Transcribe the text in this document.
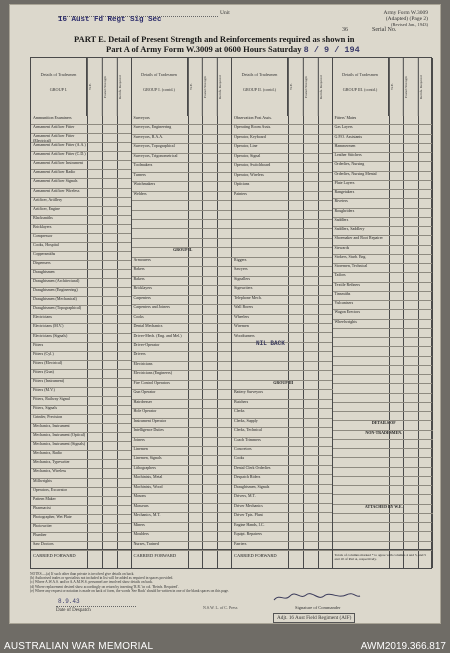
Unit
16 Aust Fd Regt Sig Sec
Army Form W.3009
(Adapted) (Page 2)
(Revised Jan., 1943)
36	Serial No.
PART E. Detail of Present Strength and Reinforcements required as shown in
Part A of Army Form W.3009 at 0600 Hours Saturday 8 / 9 / 194
Details of Tradesmen
GROUP I.	W.E.	Posted Strength	Reinfs. Required
Ammunition Examiners
Armament Artificer Fitter
Armament Artificer Fitter (Electrical)
Armament Artificer Fitter (A.A.)
Armament Artificer Fitter (C.D.)
Armament Artificer Instrument
Armament Artificer Radio
Armament Artificer Signals
Armament Artificer Wireless
Artificer, Artillery
Artificer, Engine
Blacksmiths
Bricklayers
Compressor
Cooks, Hospital
Coppersmiths
Dispensers
Draughtsmen
Draughtsmen (Architectural)
Draughtsmen (Engineering)
Draughtsmen (Mechanical)
Draughtsmen (Topographical)
Electricians
Electricians (M.V.)
Electricians (Signals)
Fitters
Fitters (Cyl.)
Fitters (Electrical)
Fitters (Gun)
Fitters (Instrument)
Fitters (M.V.)
Fitters, Railway Signal
Fitters, Signals
Grinder, Precision
Mechanics, Instrument
Mechanics, Instrument (Optical)
Mechanics, Instrument (Signals)
Mechanics, Radio
Mechanics, Typewriter
Mechanics, Wireless
Millwrights
Operators, Excavator
Pattern Maker
Pharmacist
Photographer, Wet Plate
Photowriter
Plumber
Saw Doctors
CARRIED FORWARD
Details of Tradesmen
GROUP I. (contd.)	W.E.	Posted Strength	Reinfs. Required
Surveyors
Surveyors, Engineering
Surveyors, R.A.A.
Surveyors, Topographical
Surveyors, Trigonometrical
Toolmakers
Turners
Watchmakers
Welders
GROUP II.
Armourers
Bakers
Bakers
Bricklayers
Carpenters
Carpenters and Joiners
Cooks
Dental Mechanics
Driver-Mech. (Eng. and Mel.)
Driver-Operator
Drivers
Electricians
Electricians (Engineers)
Fire Control Operators
Gun Operator
Hairdresser
Hole Operator
Instrument Operator
Intelligence Duties
Joiners
Linemen
Linemen, Signals
Lithographers
Machinists, Metal
Machinists, Wood
Masons
Masseurs
Mechanics, M.T.
Miners
Moulders
Nurses, Trained
CARRIED FORWARD
Details of Tradesmen
GROUP II. (contd.)	W.E.	Posted Strength	Reinfs. Required
Observation Post Assts.
Operating Room Assts.
Operator, Keyboard
Operator, Line
Operator, Signal
Operator, Switchboard
Operator, Wireless
Opticians
Painters
Riggers
Sawyers
Signallers
Signwriters
Telephone Mech.
Wall Borers
Wheelers
Wiremen
Woodturners
GROUP III
Battery Surveyors
Butchers
Clerks
Clerks, Supply
Clerks, Technical
Coach Trimmers
Concretors
Cooks
Dental Clerk Orderlies
Despatch Riders
Draughtsmen, Signals
Drivers, M.T.
Driver Mechanics
Driver Tpts. Plant
Engine Hands, I.C.
Equipt. Repairers
Farriers
CARRIED FORWARD
Details of Tradesmen
GROUP III. (contd.)	W.E.	Posted Strength	Reinfs. Required
Fitters' Mates
Gas Layers
G.P.O. Assistants
Hammermen
Leather Stitchers
Orderlies, Nursing
Orderlies, Nursing Mental
Plate Layers
Rangetakers
Riveters
Roughriders
Saddlers
Saddlers, Saddlery
Shoemaker and Boot Repairer
Stewards
Stokers, Starb. Eng.
Storemen, Technical
Tailors
Textile Refiners
Tinsmiths
Vulcanisers
Wagon Erectors
Wheelwrights
DETAILS OF
NON-TRADESMEN.
ATTACHED BY W.E.
Totals of columns marked * to agree with columns 4 and 5, and 5 and 10 of Part A, respectively.
NIL BACK
NOTES.—(a) If such other than private is involved give details on back.
(b) Authorised trades or specialists not included in list will be added as required in spaces provided.
(c) Where A.W.A.S. and/or A.A.M.W.S. personnel are involved show details on back.
(d) Where replacement desired show accordingly on return by inserting 'R.R.' in col. 'Reinfs. Required'.
(e) Where any request or notation is made on back of form, the words 'See Back' should be written in one of the blank spaces on this page.
8.9.43
Date of Despatch
N.S.W. L. of C. Press	Signature of Commander
Adjt. 16 Aust Field Regiment (AIF)
AUSTRALIAN WAR MEMORIAL	AWM2019.366.817
